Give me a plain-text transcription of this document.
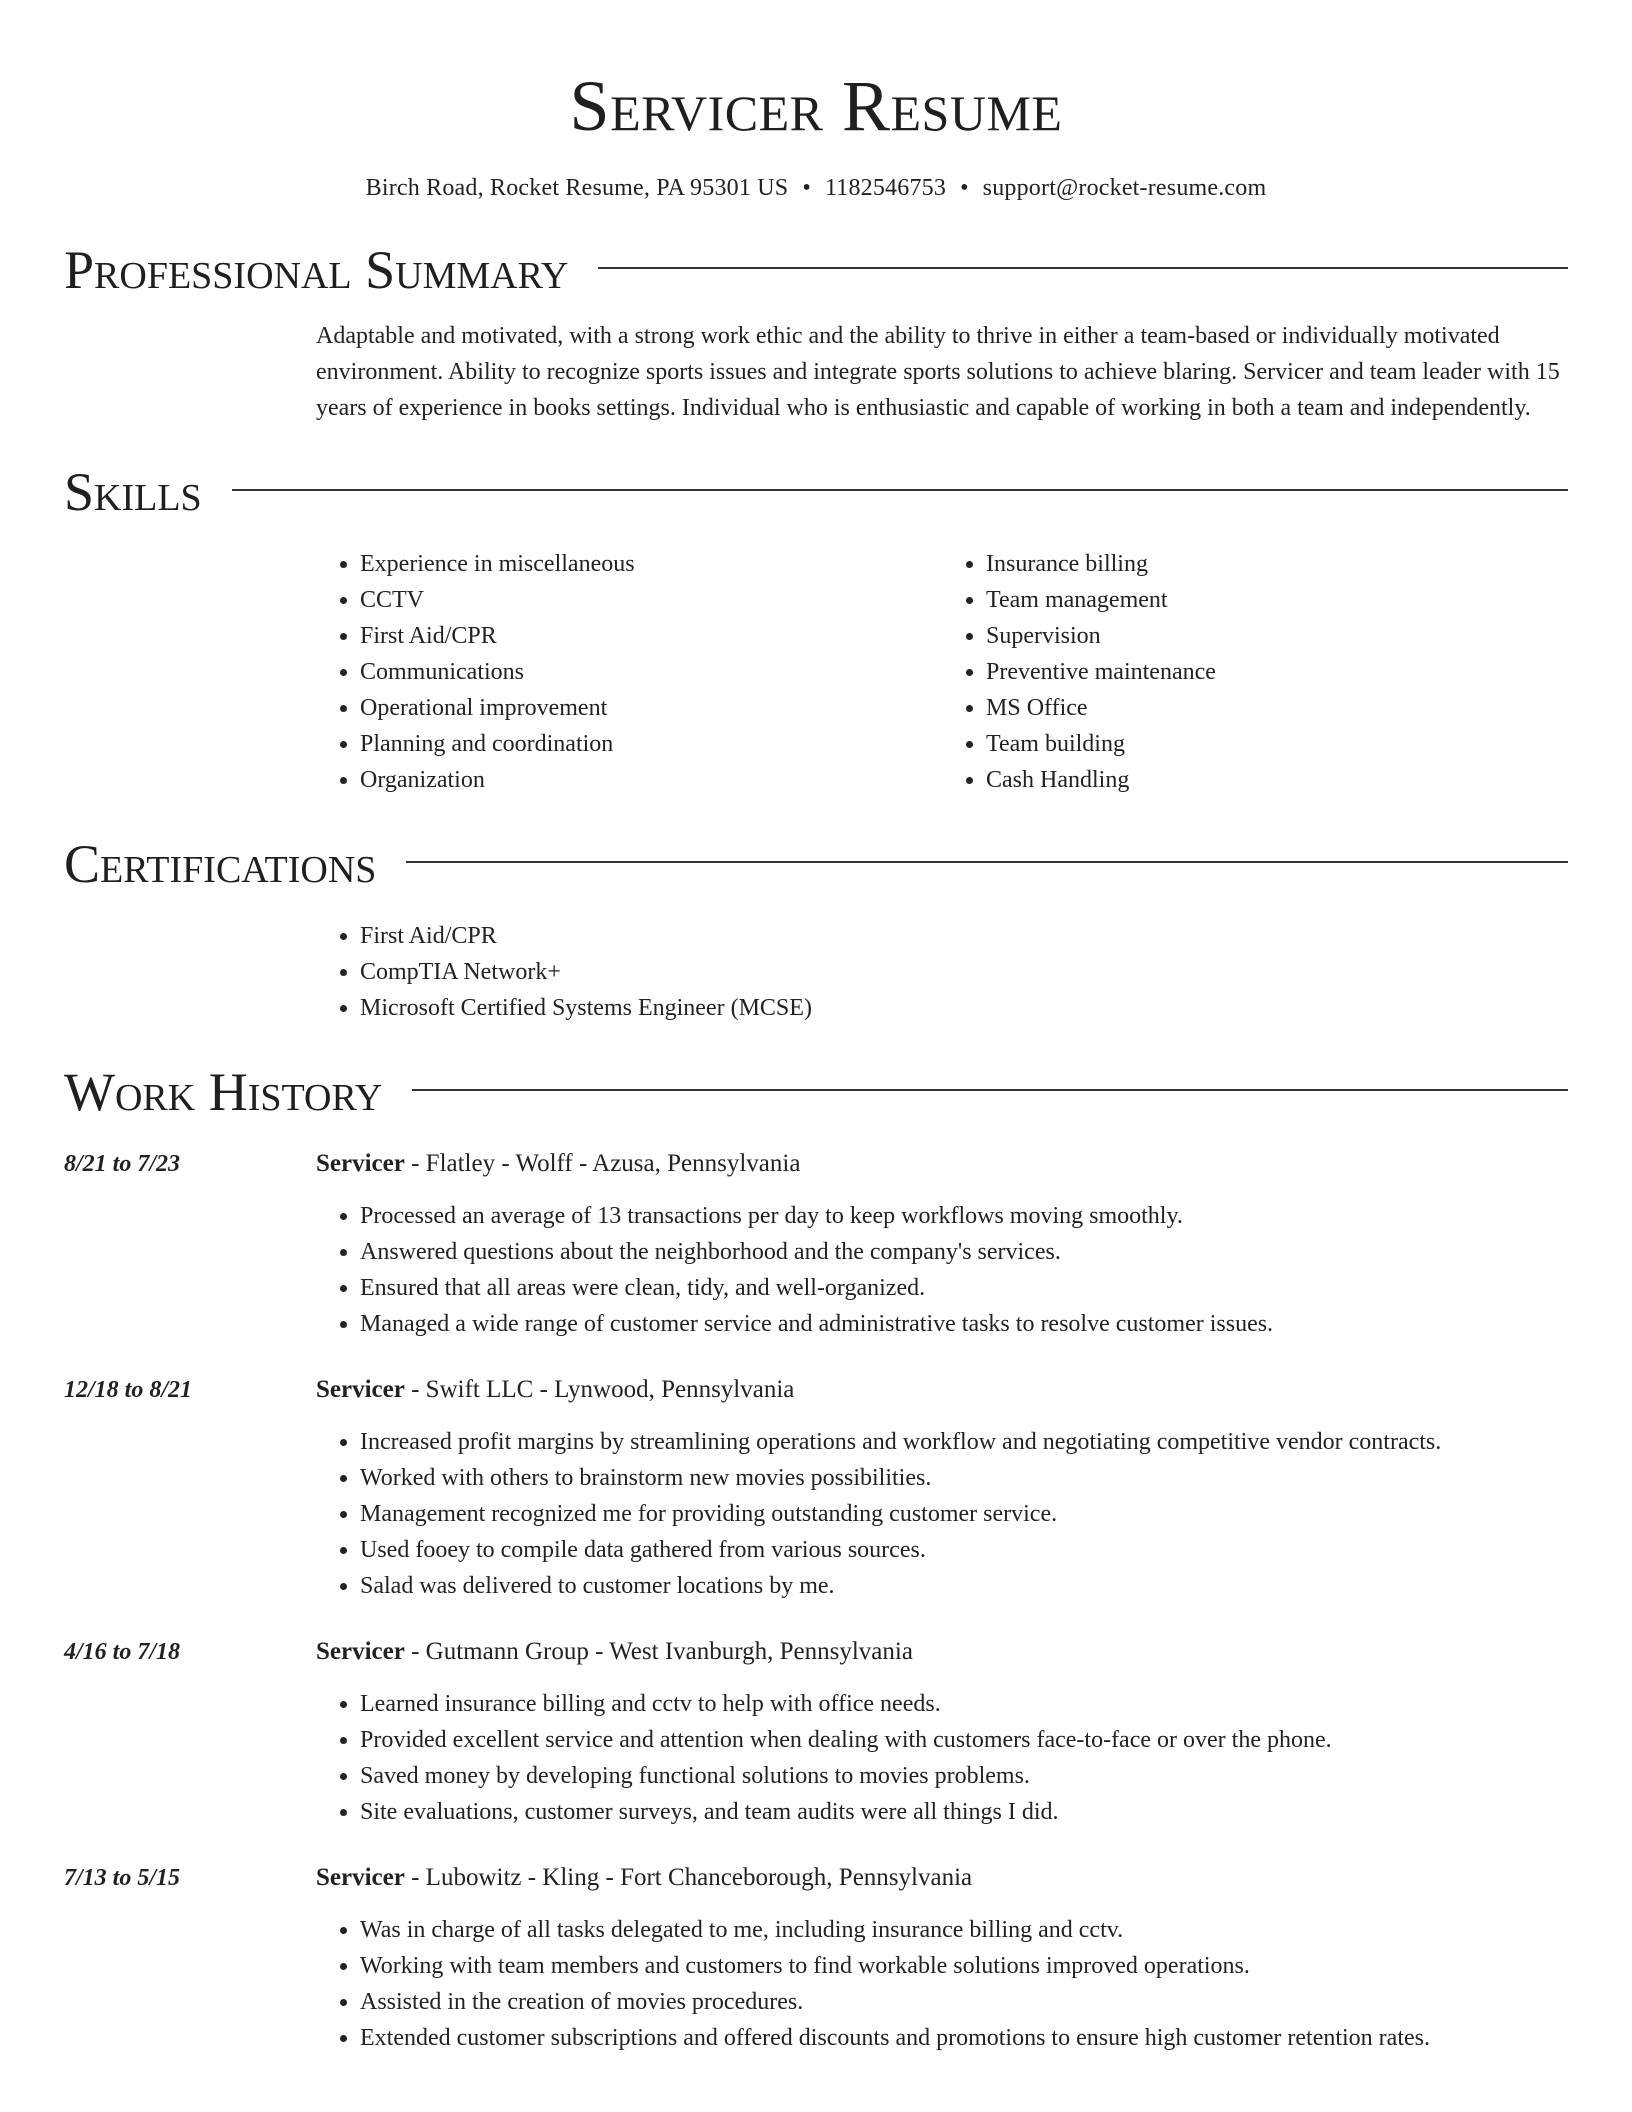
Servicer Resume
Birch Road, Rocket Resume, PA 95301 US • 1182546753 • support@rocket-resume.com
Professional Summary
Adaptable and motivated, with a strong work ethic and the ability to thrive in either a team-based or individually motivated environment. Ability to recognize sports issues and integrate sports solutions to achieve blaring. Servicer and team leader with 15 years of experience in books settings. Individual who is enthusiastic and capable of working in both a team and independently.
Skills
• Experience in miscellaneous
• CCTV
• First Aid/CPR
• Communications
• Operational improvement
• Planning and coordination
• Organization
• Insurance billing
• Team management
• Supervision
• Preventive maintenance
• MS Office
• Team building
• Cash Handling
Certifications
• First Aid/CPR
• CompTIA Network+
• Microsoft Certified Systems Engineer (MCSE)
Work History
8/21 to 7/23	Servicer - Flatley - Wolff - Azusa, Pennsylvania
• Processed an average of 13 transactions per day to keep workflows moving smoothly.
• Answered questions about the neighborhood and the company's services.
• Ensured that all areas were clean, tidy, and well-organized.
• Managed a wide range of customer service and administrative tasks to resolve customer issues.
12/18 to 8/21	Servicer - Swift LLC - Lynwood, Pennsylvania
• Increased profit margins by streamlining operations and workflow and negotiating competitive vendor contracts.
• Worked with others to brainstorm new movies possibilities.
• Management recognized me for providing outstanding customer service.
• Used fooey to compile data gathered from various sources.
• Salad was delivered to customer locations by me.
4/16 to 7/18	Servicer - Gutmann Group - West Ivanburgh, Pennsylvania
• Learned insurance billing and cctv to help with office needs.
• Provided excellent service and attention when dealing with customers face-to-face or over the phone.
• Saved money by developing functional solutions to movies problems.
• Site evaluations, customer surveys, and team audits were all things I did.
7/13 to 5/15	Servicer - Lubowitz - Kling - Fort Chanceborough, Pennsylvania
• Was in charge of all tasks delegated to me, including insurance billing and cctv.
• Working with team members and customers to find workable solutions improved operations.
• Assisted in the creation of movies procedures.
• Extended customer subscriptions and offered discounts and promotions to ensure high customer retention rates.
